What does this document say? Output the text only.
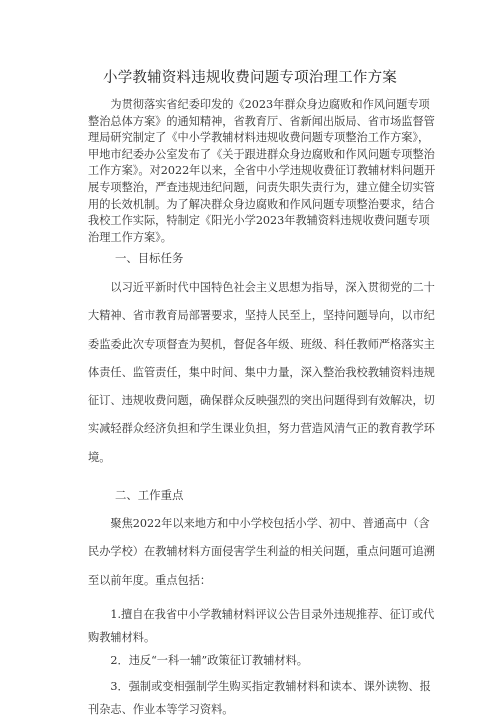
小学教辅资料违规收费问题专项治理工作方案

为贯彻落实省纪委印发的《2023年群众身边腐败和作风问题专项整治总体方案》的通知精神，省教育厅、省新闻出版局、省市场监督管理局研究制定了《中小学教辅材料违规收费问题专项整治工作方案》，甲地市纪委办公室发布了《关于跟进群众身边腐败和作风问题专项整治工作方案》。对2022年以来，全省中小学违规收费征订教辅材料问题开展专项整治，严查违规违纪问题，问责失职失责行为，建立健全切实管用的长效机制。为了解决群众身边腐败和作风问题专项整治要求，结合我校工作实际，特制定《阳光小学2023年教辅资料违规收费问题专项治理工作方案》。

一、目标任务

以习近平新时代中国特色社会主义思想为指导，深入贯彻党的二十大精神、省市教育局部署要求，坚持人民至上，坚持问题导向，以市纪委监委此次专项督查为契机，督促各年级、班级、科任教师严格落实主体责任、监管责任，集中时间、集中力量，深入整治我校教辅资料违规征订、违规收费问题，确保群众反映强烈的突出问题得到有效解决，切实减轻群众经济负担和学生课业负担，努力营造风清气正的教育教学环境。

二、工作重点

聚焦2022年以来地方和中小学校包括小学、初中、普通高中（含民办学校）在教辅材料方面侵害学生利益的相关问题，重点问题可追溯至以前年度。重点包括：

1.擅自在我省中小学教辅材料评议公告目录外违规推荐、征订或代购教辅材料。

2．违反“一科一辅”政策征订教辅材料。

3．强制或变相强制学生购买指定教辅材料和读本、课外读物、报刊杂志、作业本等学习资料。
